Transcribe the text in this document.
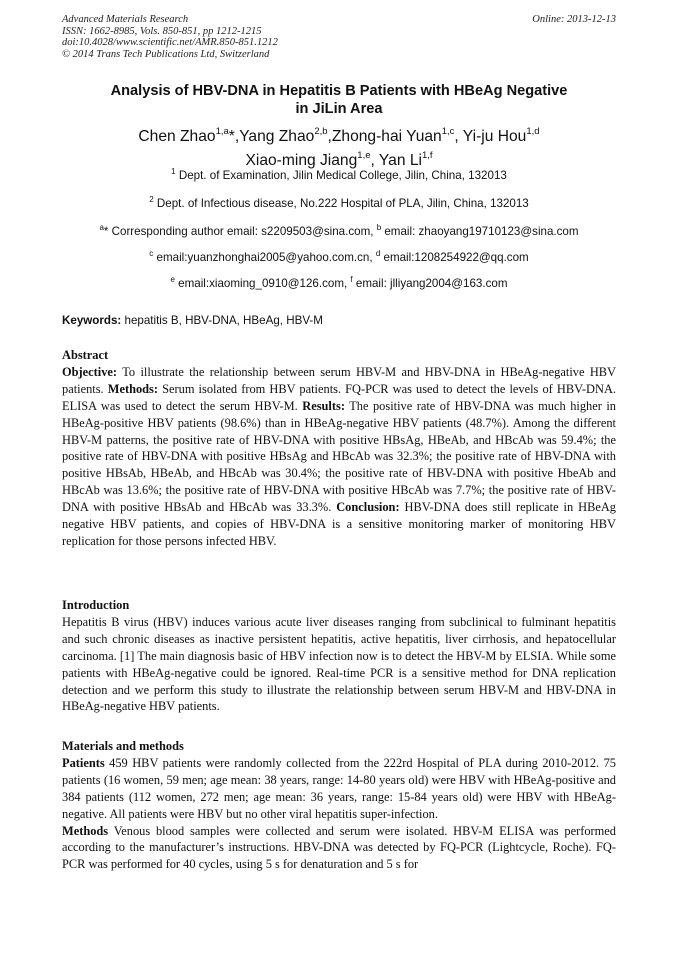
Advanced Materials Research
ISSN: 1662-8985, Vols. 850-851, pp 1212-1215
doi:10.4028/www.scientific.net/AMR.850-851.1212
© 2014 Trans Tech Publications Ltd, Switzerland
Online: 2013-12-13
Analysis of HBV-DNA in Hepatitis B Patients with HBeAg Negative
in JiLin Area
Chen Zhao$^{1,a}$*,Yang Zhao$^{2,b}$,Zhong-hai Yuan$^{1,c}$, Yi-ju Hou$^{1,d}$
Xiao-ming Jiang$^{1,e}$, Yan Li$^{1,f}$
$^1$ Dept. of Examination, Jilin Medical College, Jilin, China, 132013
$^2$ Dept. of Infectious disease, No.222 Hospital of PLA, Jilin, China, 132013
$^a$* Corresponding author email: s2209503@sina.com, $^b$ email: zhaoyang19710123@sina.com
$^c$ email:yuanzhonghai2005@yahoo.com.cn, $^d$ email:1208254922@qq.com
$^e$ email:xiaoming_0910@126.com, $^f$ email: jlliyang2004@163.com
Keywords: hepatitis B, HBV-DNA, HBeAg, HBV-M
Abstract

Objective: To illustrate the relationship between serum HBV-M and HBV-DNA in HBeAg-negative HBV patients. Methods: Serum isolated from HBV patients. FQ-PCR was used to detect the levels of HBV-DNA. ELISA was used to detect the serum HBV-M. Results: The positive rate of HBV-DNA was much higher in HBeAg-positive HBV patients (98.6%) than in HBeAg-negative HBV patients (48.7%). Among the different HBV-M patterns, the positive rate of HBV-DNA with positive HBsAg, HBeAb, and HBcAb was 59.4%; the positive rate of HBV-DNA with positive HBsAg and HBcAb was 32.3%; the positive rate of HBV-DNA with positive HBsAb, HBeAb, and HBcAb was 30.4%; the positive rate of HBV-DNA with positive HbeAb and HBcAb was 13.6%; the positive rate of HBV-DNA with positive HBcAb was 7.7%; the positive rate of HBV-DNA with positive HBsAb and HBcAb was 33.3%. Conclusion: HBV-DNA does still replicate in HBeAg negative HBV patients, and copies of HBV-DNA is a sensitive monitoring marker of monitoring HBV replication for those persons infected HBV.

Introduction

Hepatitis B virus (HBV) induces various acute liver diseases ranging from subclinical to fulminant hepatitis and such chronic diseases as inactive persistent hepatitis, active hepatitis, liver cirrhosis, and hepatocellular carcinoma. [1] The main diagnosis basic of HBV infection now is to detect the HBV-M by ELSIA. While some patients with HBeAg-negative could be ignored. Real-time PCR is a sensitive method for DNA replication detection and we perform this study to illustrate the relationship between serum HBV-M and HBV-DNA in HBeAg-negative HBV patients.

Materials and methods

Patients 459 HBV patients were randomly collected from the 222rd Hospital of PLA during 2010-2012. 75 patients (16 women, 59 men; age mean: 38 years, range: 14-80 years old) were HBV with HBeAg-positive and 384 patients (112 women, 272 men; age mean: 36 years, range: 15-84 years old) were HBV with HBeAg-negative. All patients were HBV but no other viral hepatitis super-infection.

Methods Venous blood samples were collected and serum were isolated. HBV-M ELISA was performed according to the manufacturer’s instructions. HBV-DNA was detected by FQ-PCR (Lightcycle, Roche). FQ-PCR was performed for 40 cycles, using 5 s for denaturation and 5 s for
